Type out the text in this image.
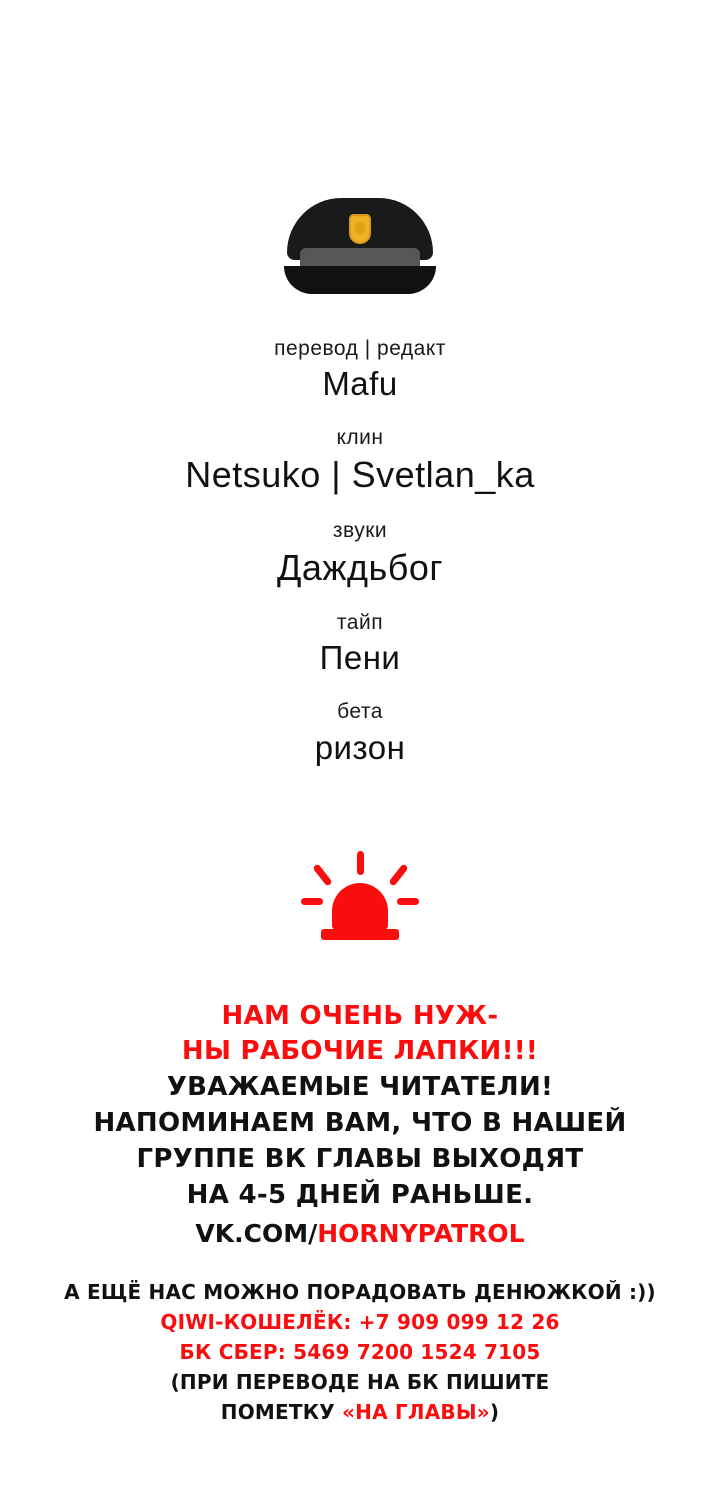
перевод | редакт
Mafu
клин
Netsuko | Svetlan_ka
звуки
Даждьбог
тайп
Пени
бета
ризон
НАМ ОЧЕНЬ НУЖ-
НЫ РАБОЧИЕ ЛАПКИ!!!
УВАЖАЕМЫЕ ЧИТАТЕЛИ!
НАПОМИНАЕМ ВАМ, ЧТО В НАШЕЙ
ГРУППЕ ВК ГЛАВЫ ВЫХОДЯТ
НА 4-5 ДНЕЙ РАНЬШЕ.
VK.COM/HORNYPATROL
А ЕЩЁ НАС МОЖНО ПОРАДОВАТЬ ДЕНЮЖКОЙ :))
QIWI-КОШЕЛЁК: +7 909 099 12 26
БК СБЕР: 5469 7200 1524 7105
(ПРИ ПЕРЕВОДЕ НА БК ПИШИТЕ
ПОМЕТКУ «НА ГЛАВЫ»)
